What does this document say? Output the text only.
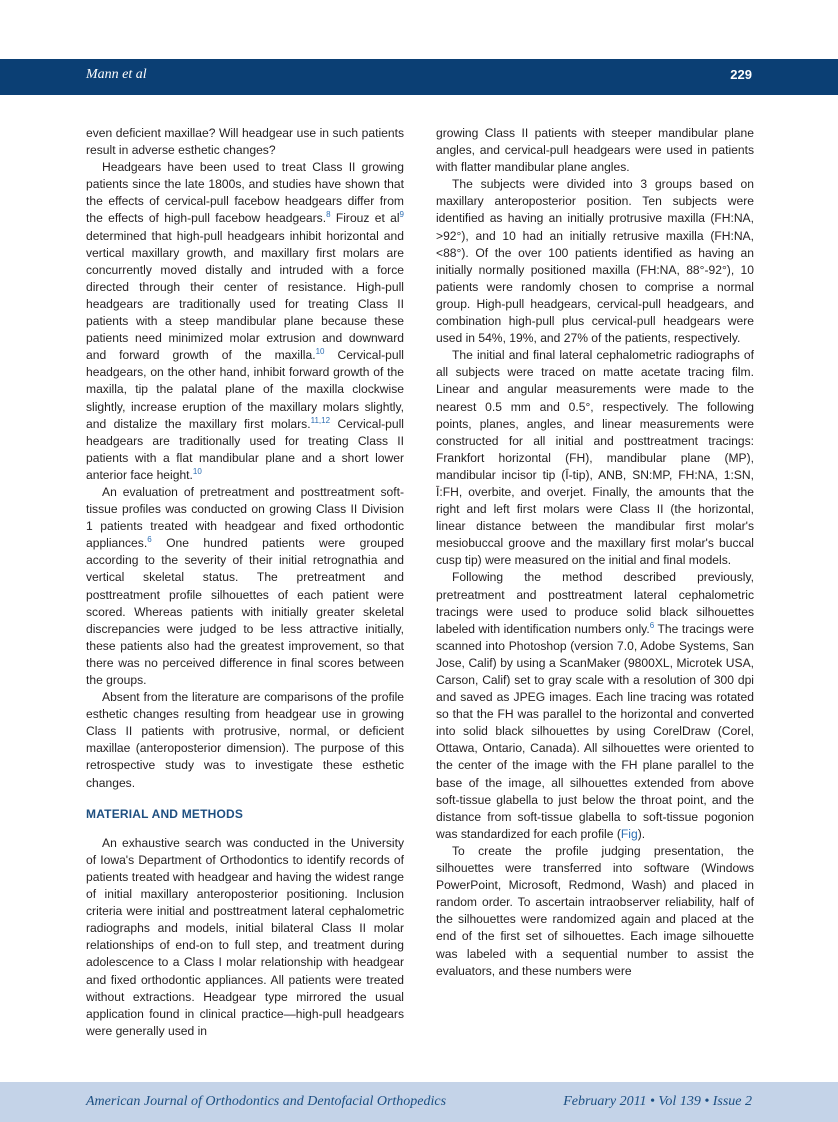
Mann et al	229

even deficient maxillae? Will headgear use in such patients result in adverse esthetic changes?

Headgears have been used to treat Class II growing patients since the late 1800s, and studies have shown that the effects of cervical-pull facebow headgears differ from the effects of high-pull facebow headgears.$^8$ Firouz et $al^9$ determined that high-pull headgears inhibit horizontal and vertical maxillary growth, and maxillary first molars are concurrently moved distally and intruded with a force directed through their center of resistance. High-pull headgears are traditionally used for treating Class II patients with a steep mandibular plane because these patients need minimized molar extrusion and downward and forward growth of the maxilla.$^{10}$ Cervical-pull headgears, on the other hand, inhibit forward growth of the maxilla, tip the palatal plane of the maxilla clockwise slightly, increase eruption of the maxillary molars slightly, and distalize the maxillary first molars.$^{11,12}$ Cervical-pull headgears are traditionally used for treating Class II patients with a flat mandibular plane and a short lower anterior face height.$^{10}$

An evaluation of pretreatment and posttreatment soft-tissue profiles was conducted on growing Class II Division 1 patients treated with headgear and fixed orthodontic appliances.$^6$ One hundred patients were grouped according to the severity of their initial retrognathia and vertical skeletal status. The pretreatment and posttreatment profile silhouettes of each patient were scored. Whereas patients with initially greater skeletal discrepancies were judged to be less attractive initially, these patients also had the greatest improvement, so that there was no perceived difference in final scores between the groups.

Absent from the literature are comparisons of the profile esthetic changes resulting from headgear use in growing Class II patients with protrusive, normal, or deficient maxillae (anteroposterior dimension). The purpose of this retrospective study was to investigate these esthetic changes.

MATERIAL AND METHODS

An exhaustive search was conducted in the University of Iowa's Department of Orthodontics to identify records of patients treated with headgear and having the widest range of initial maxillary anteroposterior positioning. Inclusion criteria were initial and posttreatment lateral cephalometric radiographs and models, initial bilateral Class II molar relationships of end-on to full step, and treatment during adolescence to a Class I molar relationship with headgear and fixed orthodontic appliances. All patients were treated without extractions. Headgear type mirrored the usual application found in clinical practice—high-pull headgears were generally used in

growing Class II patients with steeper mandibular plane angles, and cervical-pull headgears were used in patients with flatter mandibular plane angles.

The subjects were divided into 3 groups based on maxillary anteroposterior position. Ten subjects were identified as having an initially protrusive maxilla (FH:NA, >92°), and 10 had an initially retrusive maxilla (FH:NA, <88°). Of the over 100 patients identified as having an initially normally positioned maxilla (FH:NA, 88°-92°), 10 patients were randomly chosen to comprise a normal group. High-pull headgears, cervical-pull headgears, and combination high-pull plus cervical-pull headgears were used in 54%, 19%, and 27% of the patients, respectively.

The initial and final lateral cephalometric radiographs of all subjects were traced on matte acetate tracing film. Linear and angular measurements were made to the nearest 0.5 mm and 0.5°, respectively. The following points, planes, angles, and linear measurements were constructed for all initial and posttreatment tracings: Frankfort horizontal (FH), mandibular plane (MP), mandibular incisor tip (Ī-tip), ANB, SN:MP, FH:NA, 1:SN, Ī:FH, overbite, and overjet. Finally, the amounts that the right and left first molars were Class II (the horizontal, linear distance between the mandibular first molar's mesiobuccal groove and the maxillary first molar's buccal cusp tip) were measured on the initial and final models.

Following the method described previously, pretreatment and posttreatment lateral cephalometric tracings were used to produce solid black silhouettes labeled with identification numbers only.$^6$ The tracings were scanned into Photoshop (version 7.0, Adobe Systems, San Jose, Calif) by using a ScanMaker (9800XL, Microtek USA, Carson, Calif) set to gray scale with a resolution of 300 dpi and saved as JPEG images. Each line tracing was rotated so that the FH was parallel to the horizontal and converted into solid black silhouettes by using CorelDraw (Corel, Ottawa, Ontario, Canada). All silhouettes were oriented to the center of the image with the FH plane parallel to the base of the image, all silhouettes extended from above soft-tissue glabella to just below the throat point, and the distance from soft-tissue glabella to soft-tissue pogonion was standardized for each profile (Fig).

To create the profile judging presentation, the silhouettes were transferred into software (Windows PowerPoint, Microsoft, Redmond, Wash) and placed in random order. To ascertain intraobserver reliability, half of the silhouettes were randomized again and placed at the end of the first set of silhouettes. Each image silhouette was labeled with a sequential number to assist the evaluators, and these numbers were

American Journal of Orthodontics and Dentofacial Orthopedics	February 2011 • Vol 139 • Issue 2
